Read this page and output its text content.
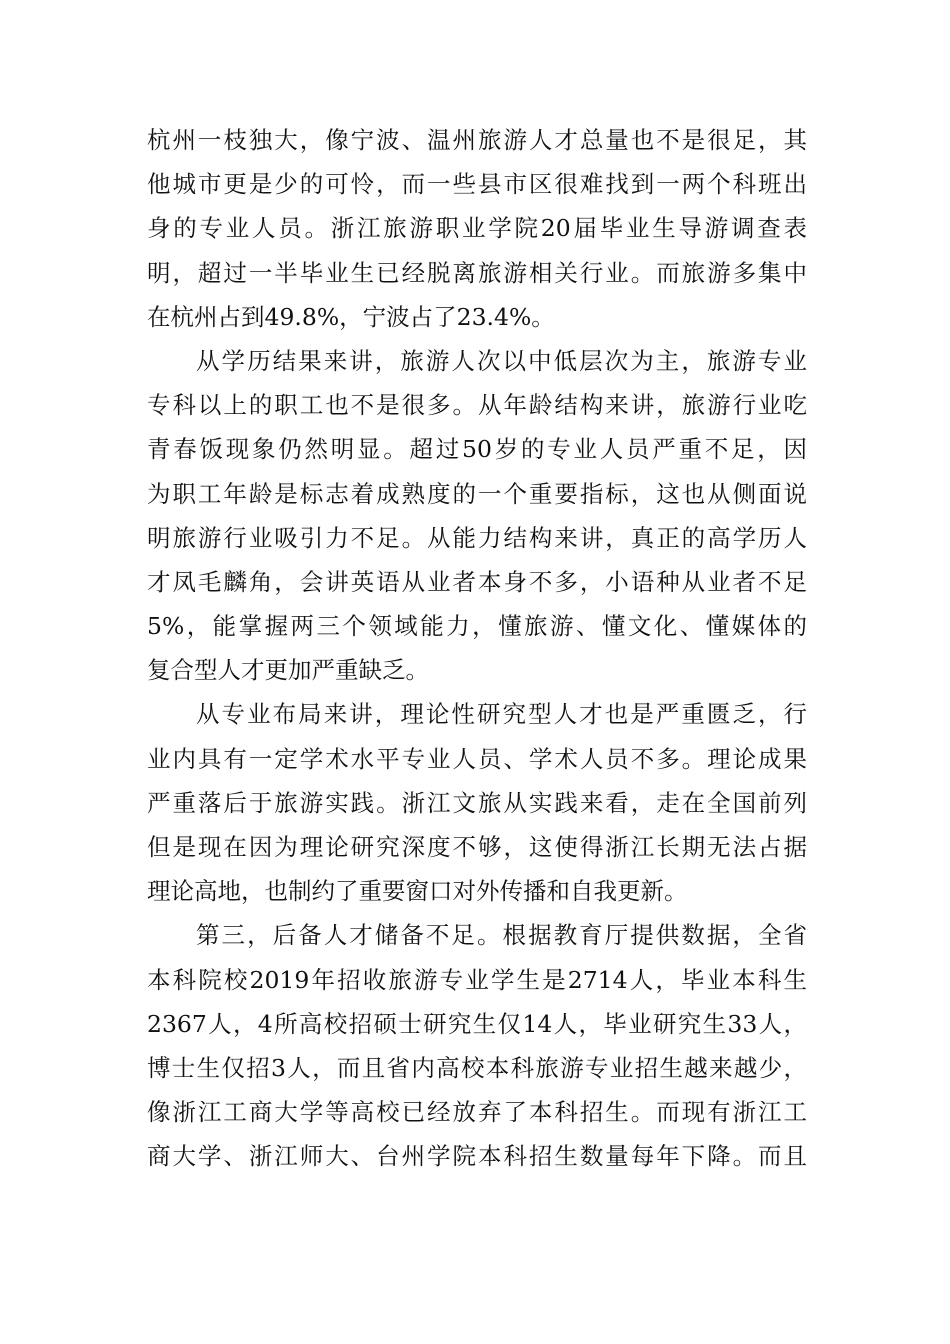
杭州一枝独大，像宁波、温州旅游人才总量也不是很足，其
他城市更是少的可怜，而一些县市区很难找到一两个科班出
身的专业人员。浙江旅游职业学院20届毕业生导游调查表
明，超过一半毕业生已经脱离旅游相关行业。而旅游多集中
在杭州占到49.8%，宁波占了23.4%。
从学历结果来讲，旅游人次以中低层次为主，旅游专业
专科以上的职工也不是很多。从年龄结构来讲，旅游行业吃
青春饭现象仍然明显。超过50岁的专业人员严重不足，因
为职工年龄是标志着成熟度的一个重要指标，这也从侧面说
明旅游行业吸引力不足。从能力结构来讲，真正的高学历人
才凤毛麟角，会讲英语从业者本身不多，小语种从业者不足
5%，能掌握两三个领域能力，懂旅游、懂文化、懂媒体的
复合型人才更加严重缺乏。
从专业布局来讲，理论性研究型人才也是严重匮乏，行
业内具有一定学术水平专业人员、学术人员不多。理论成果
严重落后于旅游实践。浙江文旅从实践来看，走在全国前列
但是现在因为理论研究深度不够，这使得浙江长期无法占据
理论高地，也制约了重要窗口对外传播和自我更新。
第三，后备人才储备不足。根据教育厅提供数据，全省
本科院校2019年招收旅游专业学生是2714人，毕业本科生
2367人，4所高校招硕士研究生仅14人，毕业研究生33人，
博士生仅招3人，而且省内高校本科旅游专业招生越来越少，
像浙江工商大学等高校已经放弃了本科招生。而现有浙江工
商大学、浙江师大、台州学院本科招生数量每年下降。而且
